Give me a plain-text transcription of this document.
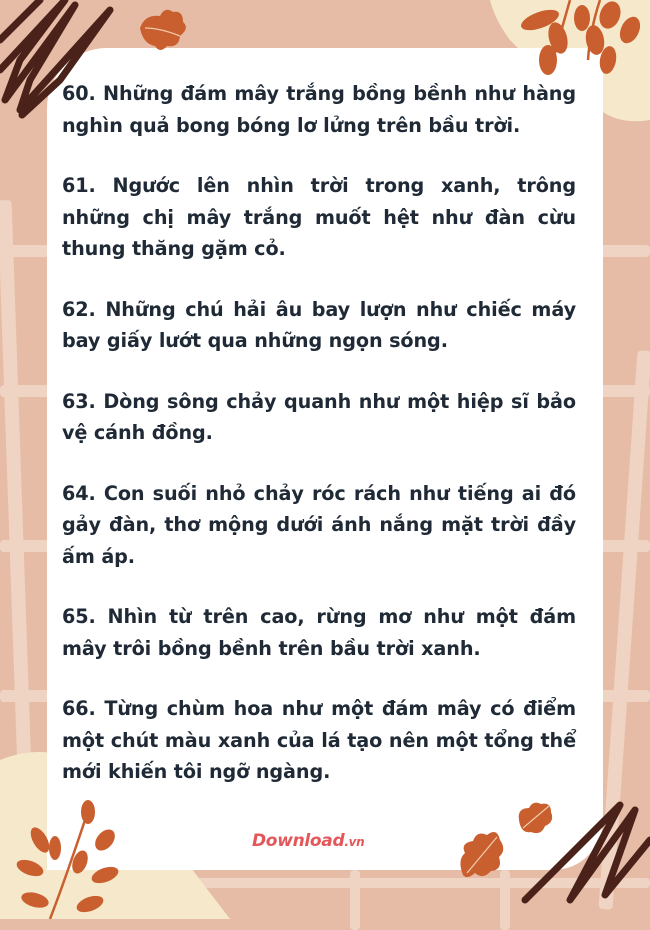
60. Những đám mây trắng bồng bềnh như hàng nghìn quả bong bóng lơ lửng trên bầu trời.

61. Ngước lên nhìn trời trong xanh, trông những chị mây trắng muốt hệt như đàn cừu thung thăng gặm cỏ.

62. Những chú hải âu bay lượn như chiếc máy bay giấy lướt qua những ngọn sóng.

63. Dòng sông chảy quanh như một hiệp sĩ bảo vệ cánh đồng.

64. Con suối nhỏ chảy róc rách như tiếng ai đó gảy đàn, thơ mộng dưới ánh nắng mặt trời đầy ấm áp.

65. Nhìn từ trên cao, rừng mơ như một đám mây trôi bồng bềnh trên bầu trời xanh.

66. Từng chùm hoa như một đám mây có điểm một chút màu xanh của lá tạo nên một tổng thể mới khiến tôi ngỡ ngàng.

Download.vn
